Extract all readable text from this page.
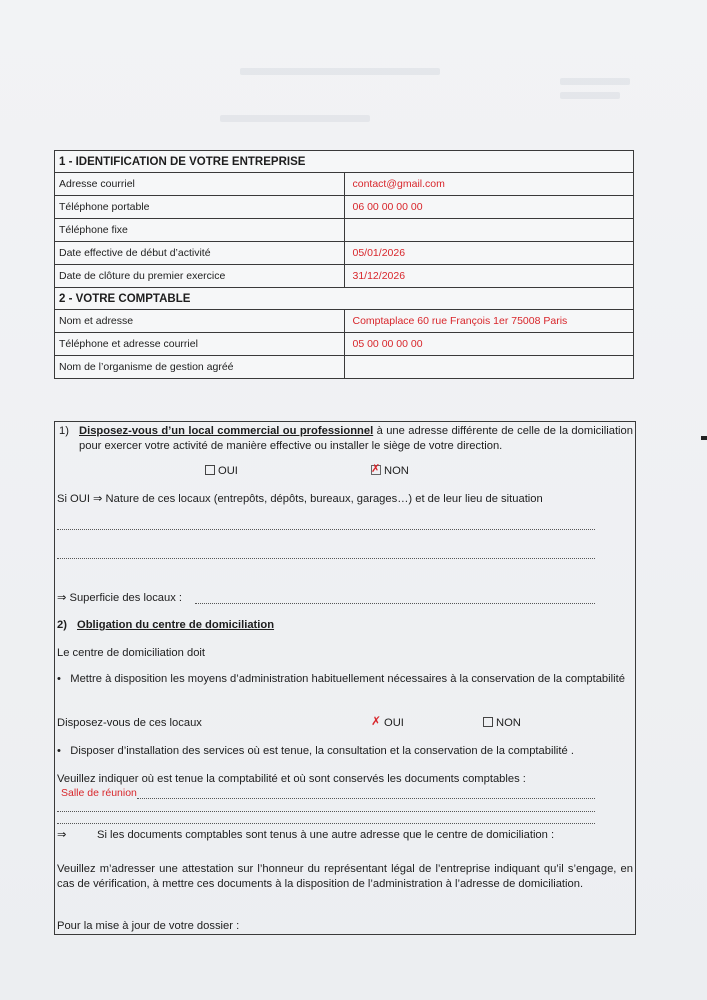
1 - IDENTIFICATION DE VOTRE ENTREPRISE	
Adresse courriel	contact@gmail.com
Téléphone portable	06 00 00 00 00
Téléphone fixe	
Date effective de début d’activité	05/01/2026
Date de clôture du premier exercice	31/12/2026
2 - VOTRE COMPTABLE	
Nom et adresse	Comptaplace 60 rue François 1er 75008 Paris
Téléphone et adresse courriel	05 00 00 00 00
Nom de l’organisme de gestion agréé	
1) Disposez-vous d’un local commercial ou professionnel à une adresse différente de celle de la domiciliation pour exercer votre activité de manière effective ou installer le siège de votre direction.
OUI	✗ NON
Si OUI ⇒ Nature de ces locaux (entrepôts, dépôts, bureaux, garages…) et de leur lieu de situation
⇒ Superficie des locaux :
2) Obligation du centre de domiciliation
Le centre de domiciliation doit
•   Mettre à disposition les moyens d’administration habituellement nécessaires à la conservation de la comptabilité
Disposez-vous de ces locaux	✗ OUI	NON
•   Disposer d’installation des services où est tenue, la consultation et la conservation de la comptabilité .
Veuillez indiquer où est tenue la comptabilité et où sont conservés les documents comptables :
Salle de réunion
⇒	Si les documents comptables sont tenus à une autre adresse que le centre de domiciliation :
Veuillez m’adresser une attestation sur l’honneur du représentant légal de l’entreprise indiquant qu’il s’engage, en cas de vérification, à mettre ces documents à la disposition de l’administration à l’adresse de domiciliation.
Pour la mise à jour de votre dossier :
